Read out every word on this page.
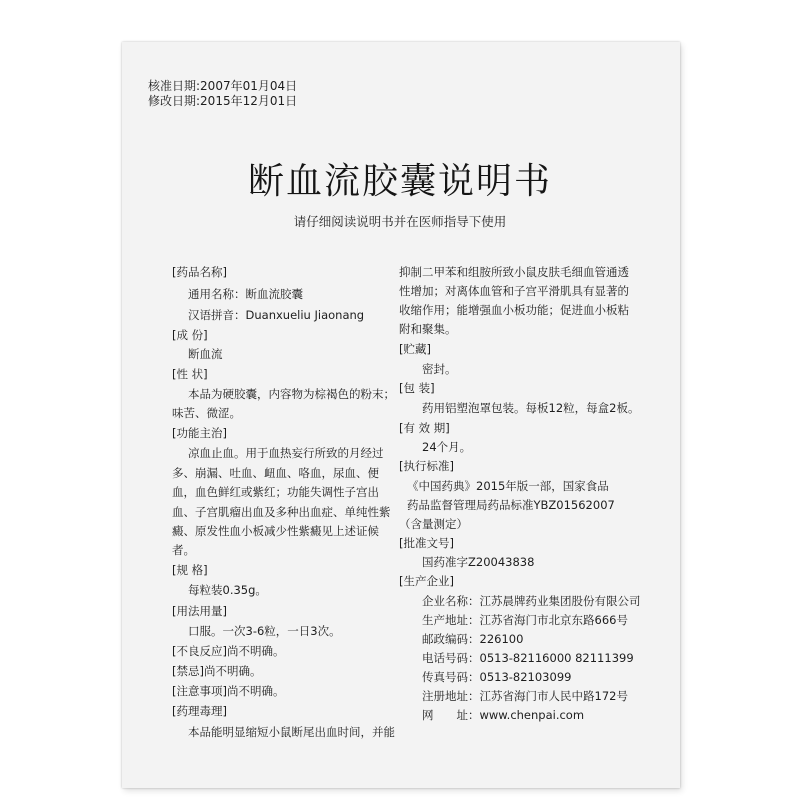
核准日期:2007年01月04日
修改日期:2015年12月01日
断血流胶囊说明书
请仔细阅读说明书并在医师指导下使用
[药品名称]
通用名称：断血流胶囊
汉语拼音：Duanxueliu Jiaonang
[成 份]
断血流
[性 状]
本品为硬胶囊，内容物为棕褐色的粉末；
味苦、微涩。
[功能主治]
凉血止血。用于血热妄行所致的月经过
多、崩漏、吐血、衄血、咯血，尿血、便
血，血色鲜红或紫红；功能失调性子宫出
血、子宫肌瘤出血及多种出血症、单纯性紫
癜、原发性血小板减少性紫癜见上述证候
者。
[规 格]
每粒装0.35g。
[用法用量]
口服。一次3-6粒，一日3次。
[不良反应]尚不明确。
[禁忌]尚不明确。
[注意事项]尚不明确。
[药理毒理]
本品能明显缩短小鼠断尾出血时间，并能
抑制二甲苯和组胺所致小鼠皮肤毛细血管通透
性增加；对离体血管和子宫平滑肌具有显著的
收缩作用；能增强血小板功能；促进血小板粘
附和聚集。
[贮藏]
密封。
[包 装]
药用铝塑泡罩包装。每板12粒，每盒2板。
[有 效 期]
24个月。
[执行标准]
《中国药典》2015年版一部，国家食品
药品监督管理局药品标准YBZ01562007
（含量测定）
[批准文号]
国药准字Z20043838
[生产企业]
企业名称：江苏晨牌药业集团股份有限公司
生产地址：江苏省海门市北京东路666号
邮政编码：226100
电话号码：0513-82116000 82111399
传真号码：0513-82103099
注册地址：江苏省海门市人民中路172号
网　　址：www.chenpai.com
